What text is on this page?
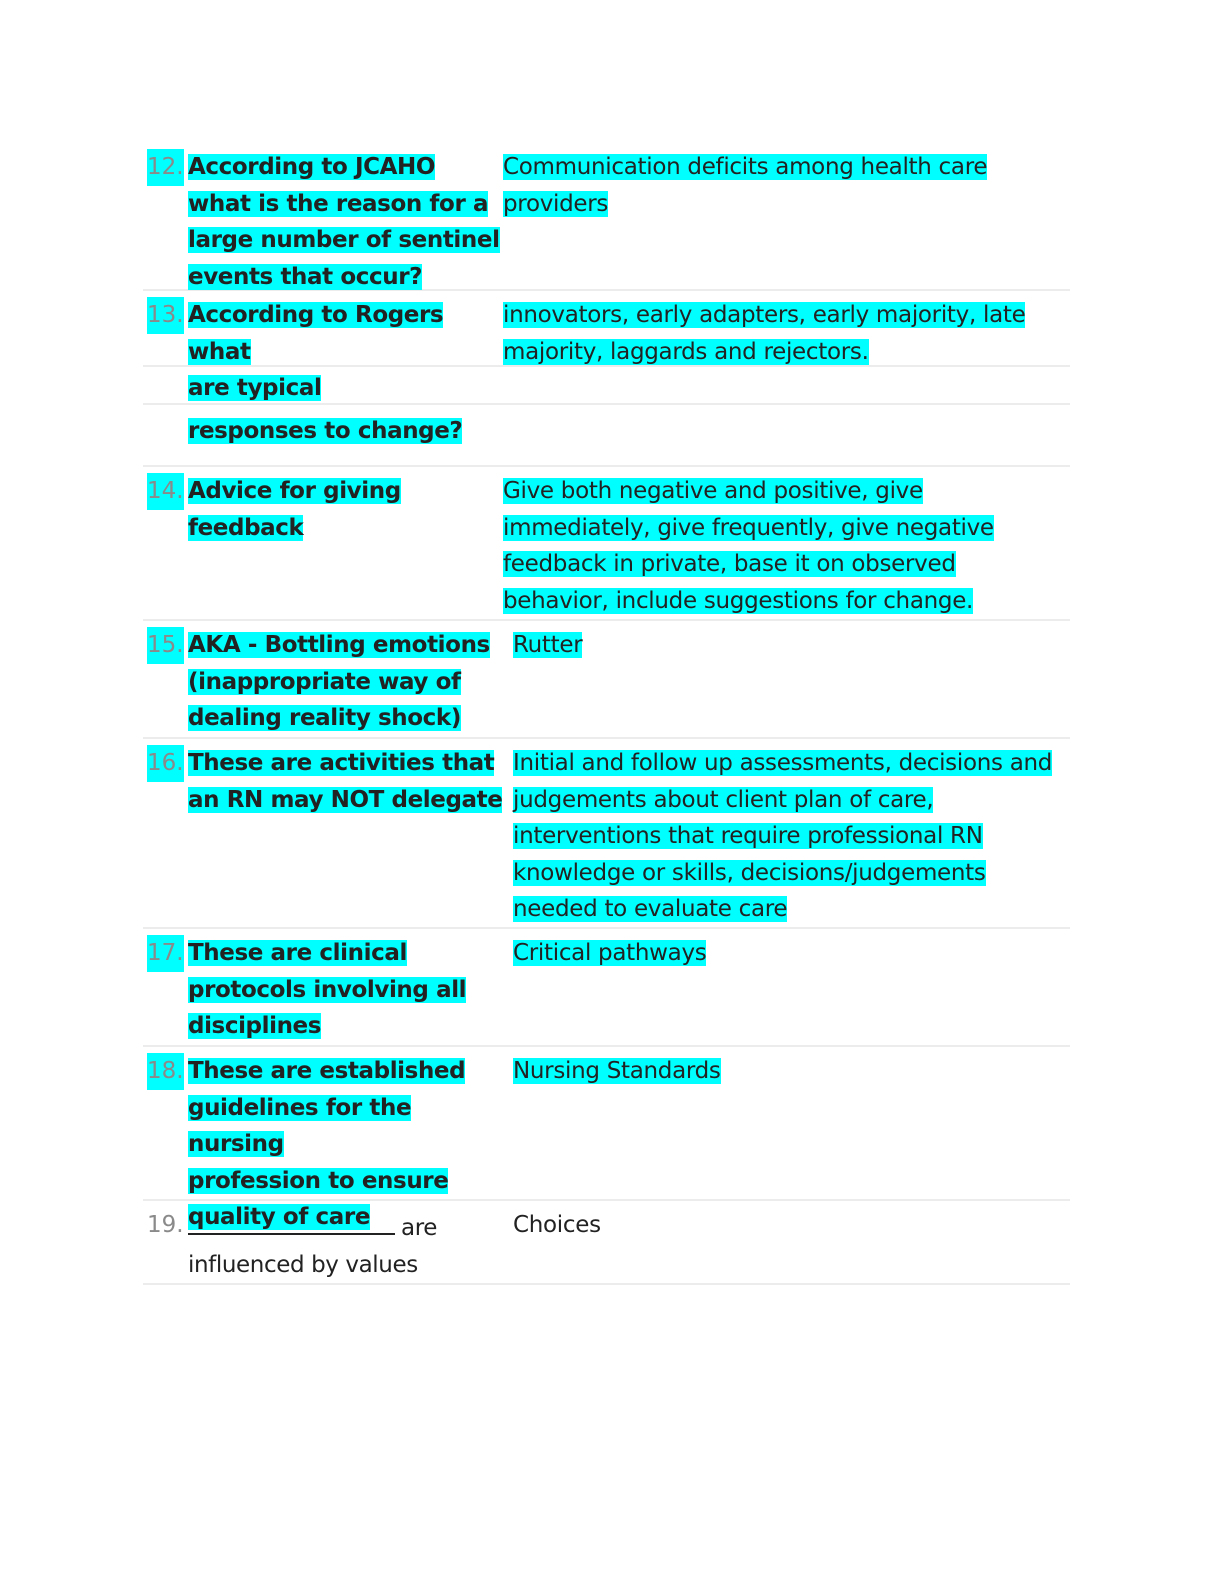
12. According to JCAHO
what is the reason for a
large number of sentinel
events that occur?
Communication deficits among health care
providers
13. According to Rogers what
are typical
innovators, early adapters, early majority, late
majority, laggards and rejectors.
responses to change?
14. Advice for giving feedback
Give both negative and positive, give
immediately, give frequently, give negative
feedback in private, base it on observed
behavior, include suggestions for change.
15. AKA - Bottling emotions
(inappropriate way of
dealing reality shock)
Rutter
16. These are activities that
an RN may NOT delegate
Initial and follow up assessments, decisions and
judgements about client plan of care,
interventions that require professional RN
knowledge or skills, decisions/judgements
needed to evaluate care
17. These are clinical
protocols involving all
disciplines
Critical pathways
18. These are established
guidelines for the nursing
profession to ensure
quality of care
Nursing Standards
19.	are
influenced by values
Choices
